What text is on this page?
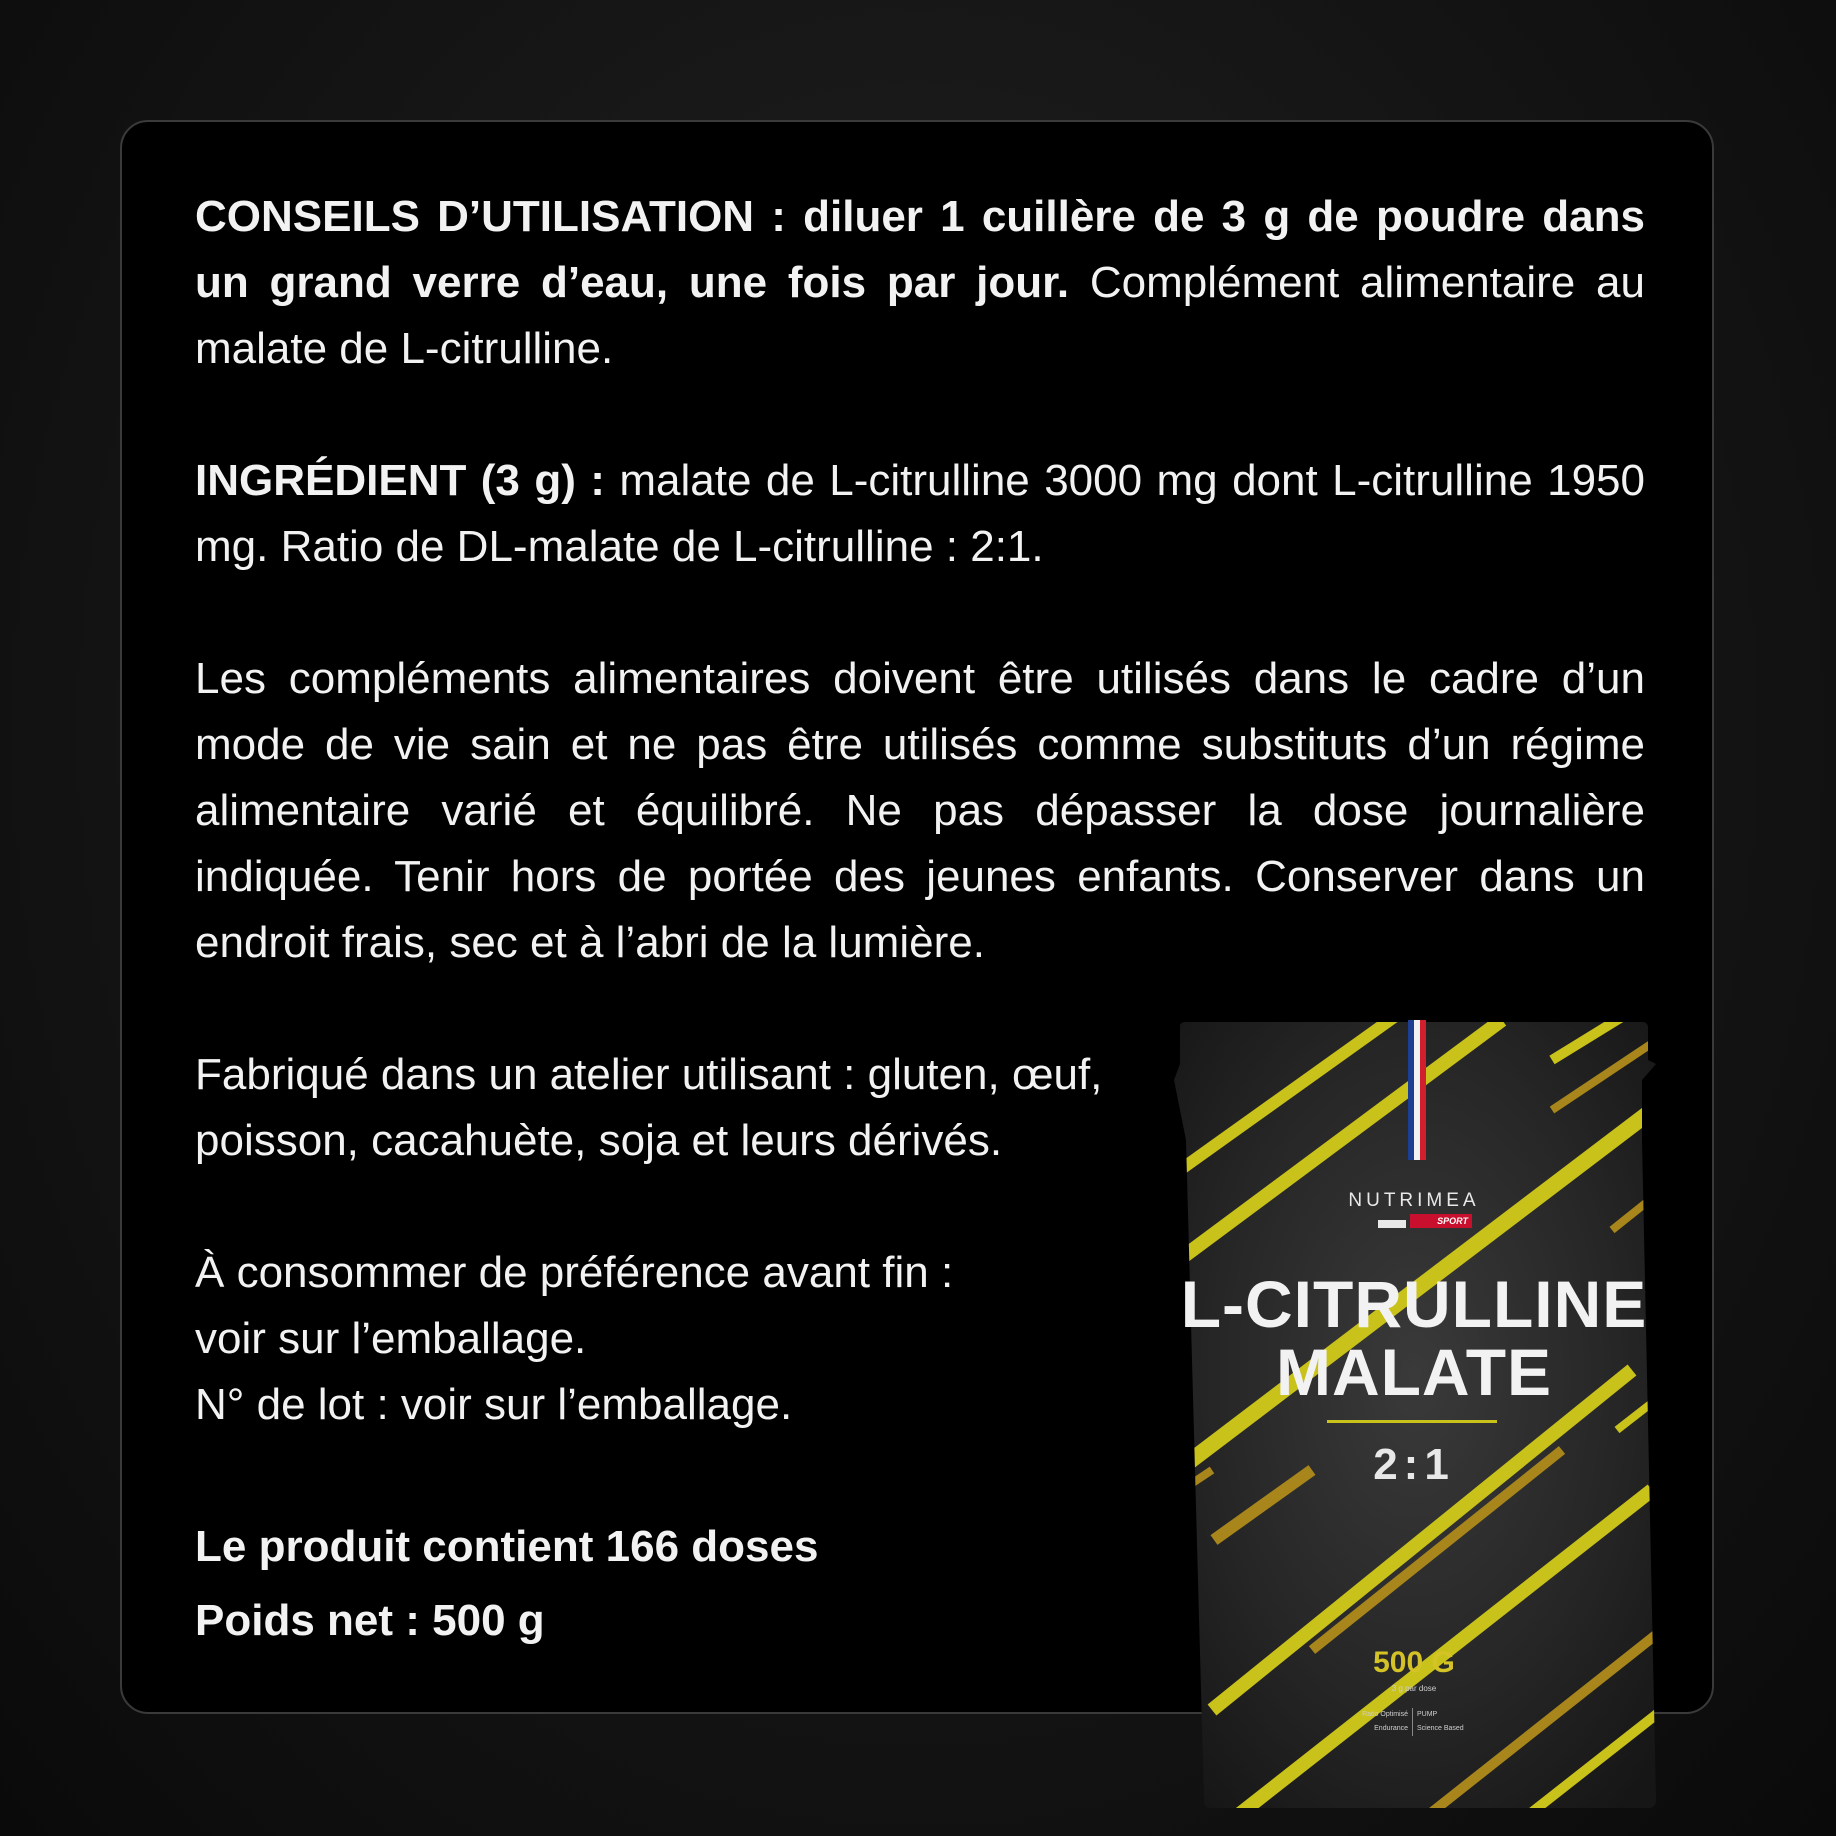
CONSEILS D’UTILISATION : diluer 1 cuillère de 3 g de poudre dans un grand verre d’eau, une fois par jour. Complément alimentaire au malate de L-citrulline.
INGRÉDIENT (3 g) : malate de L-citrulline 3000 mg dont L-citrulline 1950 mg. Ratio de DL-malate de L-citrulline : 2:1.
Les compléments alimentaires doivent être utilisés dans le cadre d’un mode de vie sain et ne pas être utilisés comme substituts d’un régime alimentaire varié et équilibré. Ne pas dépasser la dose journalière indiquée. Tenir hors de portée des jeunes enfants. Conserver dans un endroit frais, sec et à l’abri de la lumière.
Fabriqué dans un atelier utilisant : gluten, œuf,
poisson, cacahuète, soja et leurs dérivés.
À consommer de préférence avant fin :
voir sur l’emballage.
N° de lot : voir sur l’emballage.
Le produit contient 166 doses
Poids net : 500 g
NUTRIMEA
SPORT
L-CITRULLINE
MALATE
2:1
500 G
3 g par dose
Ratio Optimisé	PUMP
Endurance	Science Based
